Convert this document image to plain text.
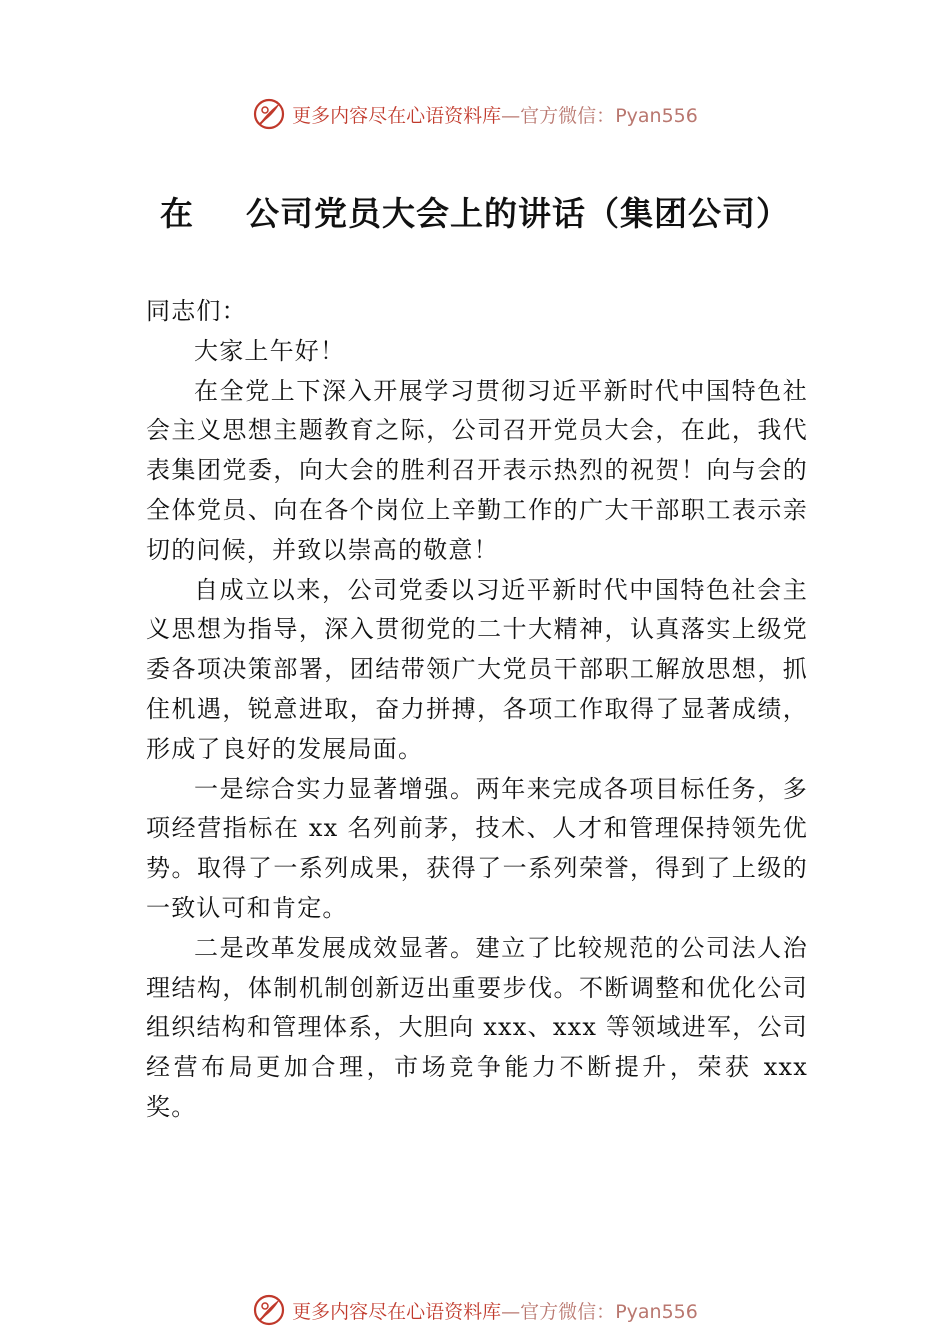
更多内容尽在心语资料库—官方微信：Pyan556
在 公司党员大会上的讲话（集团公司）

同志们：

大家上午好！

在全党上下深入开展学习贯彻习近平新时代中国特色社会主义思想主题教育之际，公司召开党员大会，在此，我代表集团党委，向大会的胜利召开表示热烈的祝贺！向与会的全体党员、向在各个岗位上辛勤工作的广大干部职工表示亲切的问候，并致以崇高的敬意！

自成立以来，公司党委以习近平新时代中国特色社会主义思想为指导，深入贯彻党的二十大精神，认真落实上级党委各项决策部署，团结带领广大党员干部职工解放思想，抓住机遇，锐意进取，奋力拼搏，各项工作取得了显著成绩， 形成了良好的发展局面。

一是综合实力显著增强。两年来完成各项目标任务，多项经营指标在 xx 名列前茅，技术、人才和管理保持领先优势。取得了一系列成果，获得了一系列荣誉，得到了上级的一致认可和肯定。

二是改革发展成效显著。建立了比较规范的公司法人治理结构，体制机制创新迈出重要步伐。不断调整和优化公司组织结构和管理体系，大胆向 xxx、xxx 等领域进军，公司经营布局更加合理，市场竞争能力不断提升，荣获 xxx 奖。

更多内容尽在心语资料库—官方微信：Pyan556
